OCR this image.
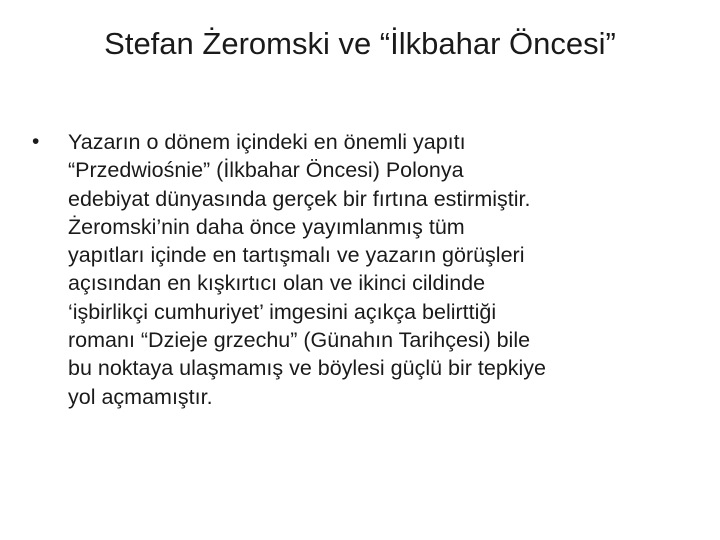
Stefan Żeromski ve “İlkbahar Öncesi”
•	Yazarın o dönem içindeki en önemli yapıtı
“Przedwiośnie” (İlkbahar Öncesi) Polonya
edebiyat dünyasında gerçek bir fırtına estirmiştir.
Żeromski’nin daha önce yayımlanmış tüm
yapıtları içinde en tartışmalı ve yazarın görüşleri
açısından en kışkırtıcı olan ve ikinci cildinde
‘işbirlikçi cumhuriyet’ imgesini açıkça belirttiği
romanı “Dzieje grzechu” (Günahın Tarihçesi) bile
bu noktaya ulaşmamış ve böylesi güçlü bir tepkiye
yol açmamıştır.
